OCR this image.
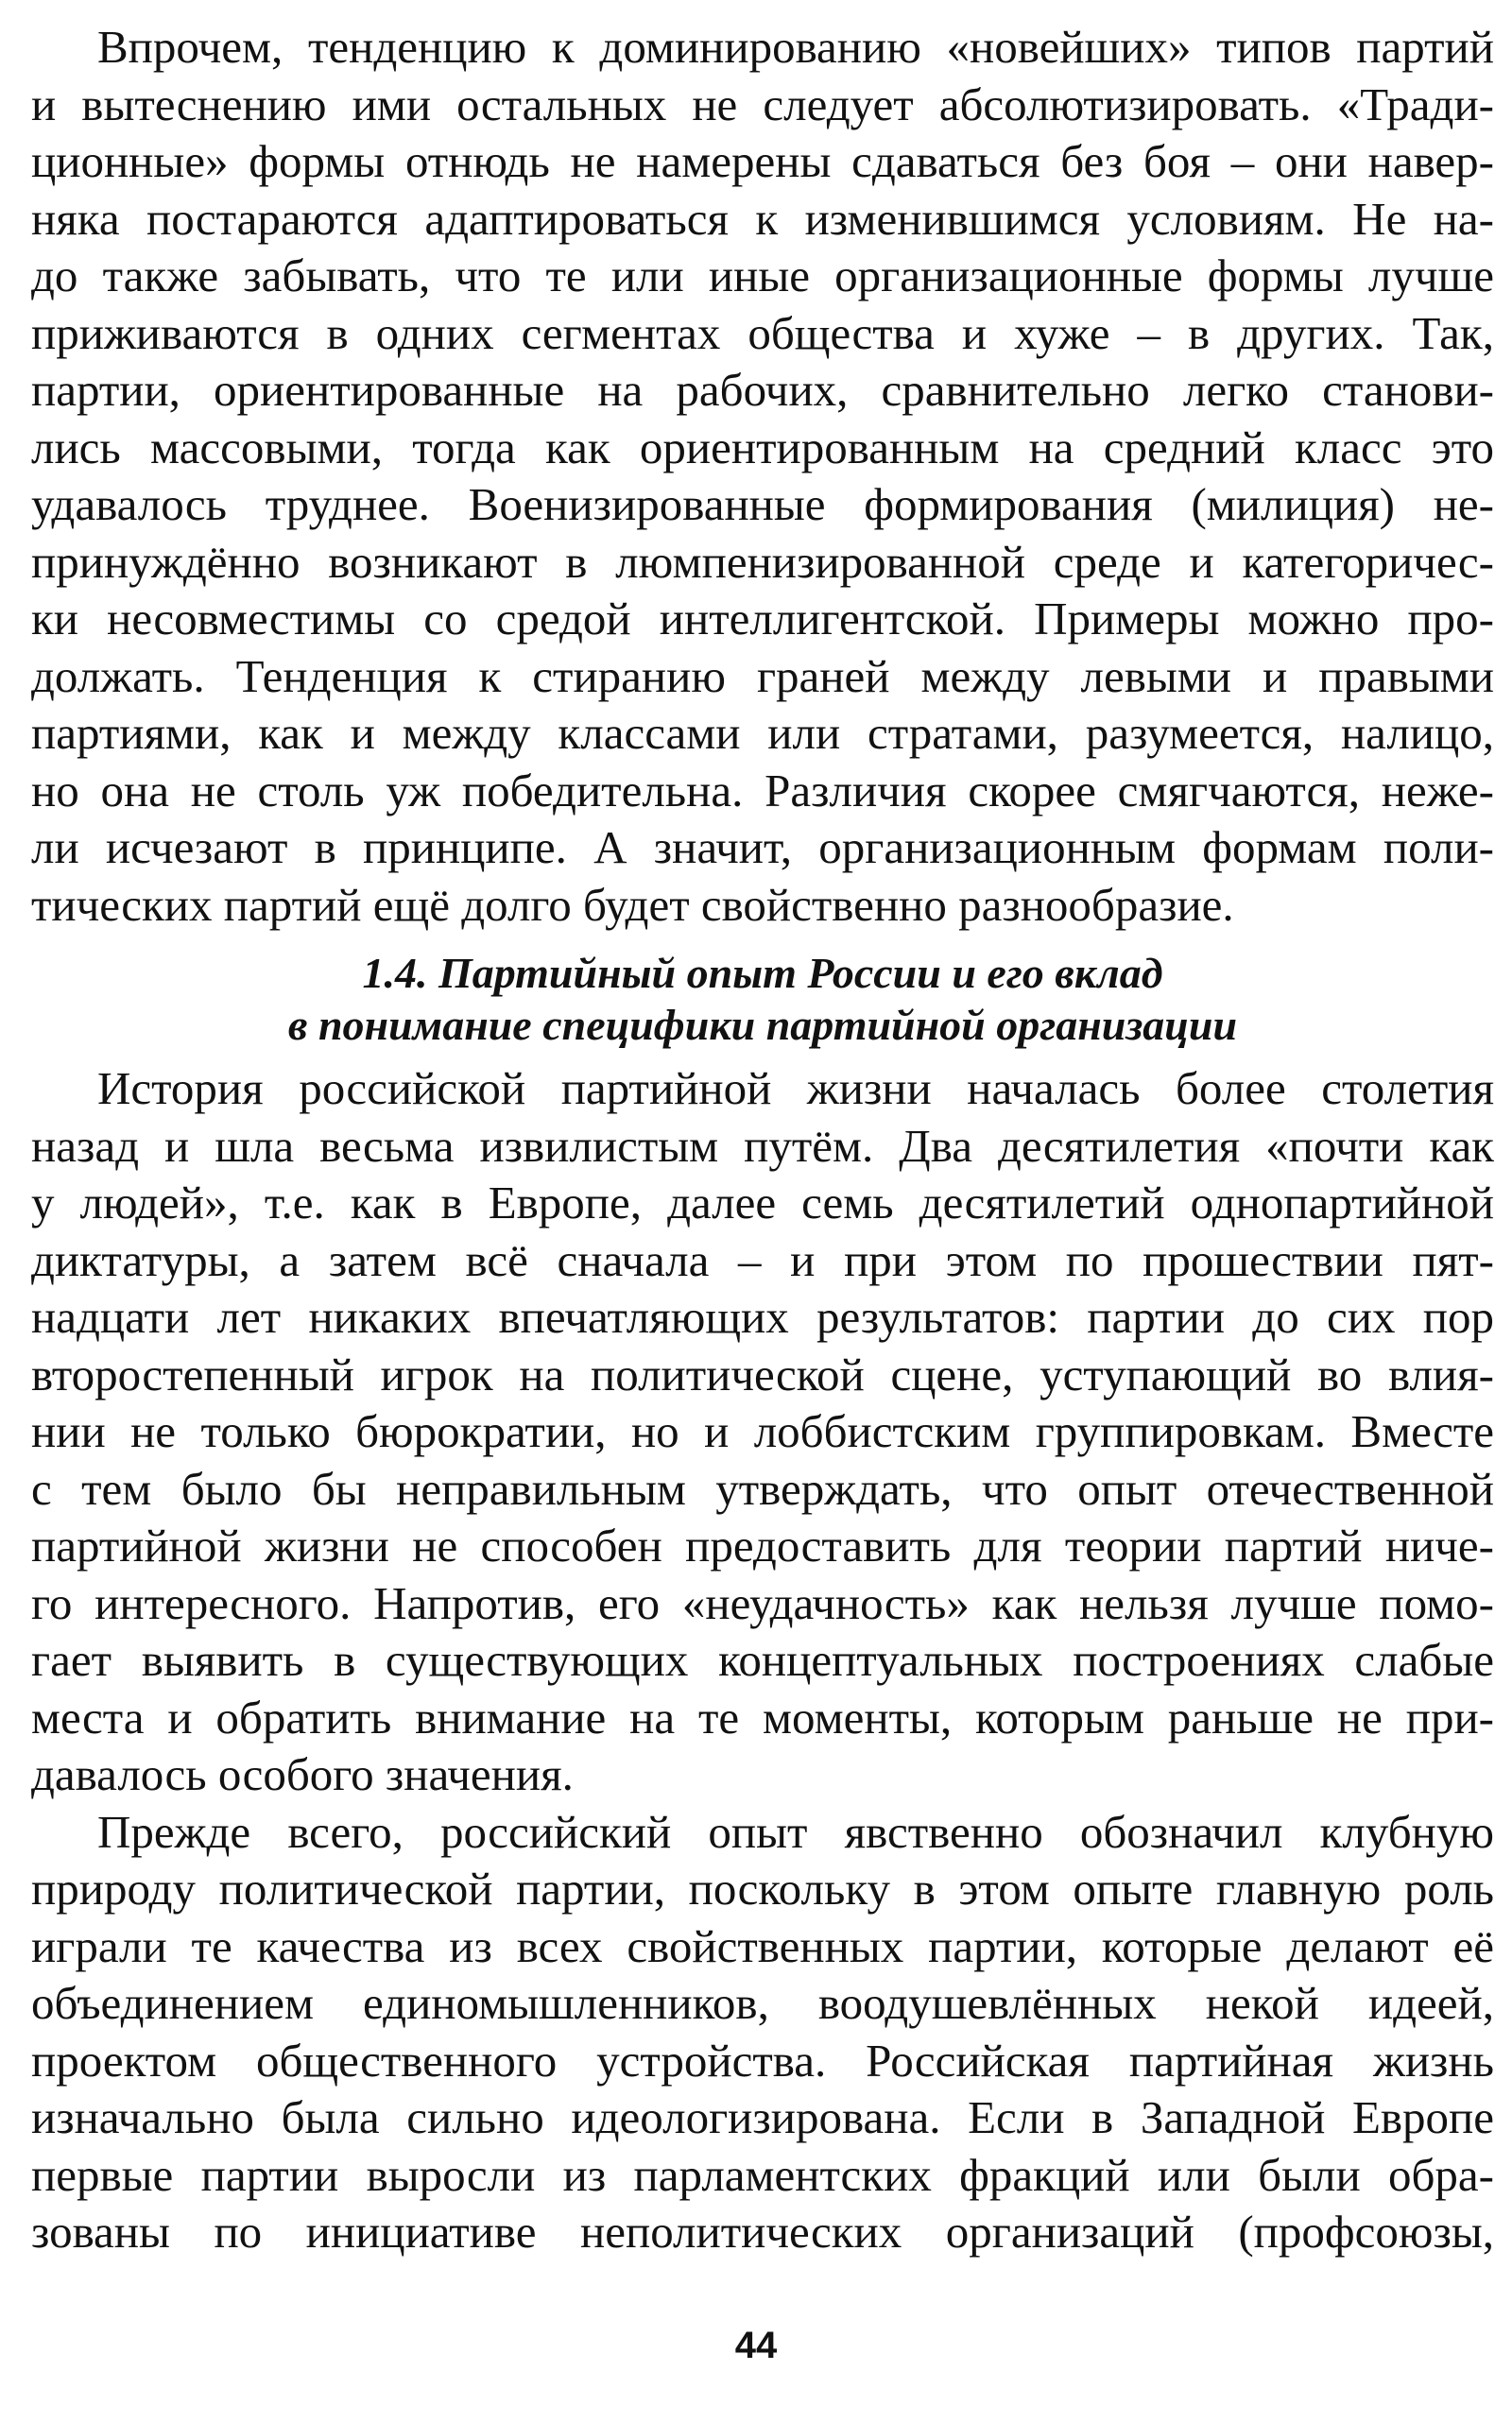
Впрочем, тенденцию к доминированию «новейших» типов партий
и вытеснению ими остальных не следует абсолютизировать. «Тради-
ционные» формы отнюдь не намерены сдаваться без боя – они навер-
няка постараются адаптироваться к изменившимся условиям. Не на-
до также забывать, что те или иные организационные формы лучше
приживаются в одних сегментах общества и хуже – в других. Так,
партии, ориентированные на рабочих, сравнительно легко станови-
лись массовыми, тогда как ориентированным на средний класс это
удавалось труднее. Военизированные формирования (милиция) не-
принуждённо возникают в люмпенизированной среде и категоричес-
ки несовместимы со средой интеллигентской. Примеры можно про-
должать. Тенденция к стиранию граней между левыми и правыми
партиями, как и между классами или стратами, разумеется, налицо,
но она не столь уж победительна. Различия скорее смягчаются, неже-
ли исчезают в принципе. А значит, организационным формам поли-
тических партий ещё долго будет свойственно разнообразие.
1.4. Партийный опыт России и его вклад
в понимание специфики партийной организации
История российской партийной жизни началась более столетия
назад и шла весьма извилистым путём. Два десятилетия «почти как
у людей», т.е. как в Европе, далее семь десятилетий однопартийной
диктатуры, а затем всё сначала – и при этом по прошествии пят-
надцати лет никаких впечатляющих результатов: партии до сих пор
второстепенный игрок на политической сцене, уступающий во влия-
нии не только бюрократии, но и лоббистским группировкам. Вместе
с тем было бы неправильным утверждать, что опыт отечественной
партийной жизни не способен предоставить для теории партий ниче-
го интересного. Напротив, его «неудачность» как нельзя лучше помо-
гает выявить в существующих концептуальных построениях слабые
места и обратить внимание на те моменты, которым раньше не при-
давалось особого значения.
Прежде всего, российский опыт явственно обозначил клубную
природу политической партии, поскольку в этом опыте главную роль
играли те качества из всех свойственных партии, которые делают её
объединением единомышленников, воодушевлённых некой идеей,
проектом общественного устройства. Российская партийная жизнь
изначально была сильно идеологизирована. Если в Западной Европе
первые партии выросли из парламентских фракций или были обра-
зованы по инициативе неполитических организаций (профсоюзы,
44
